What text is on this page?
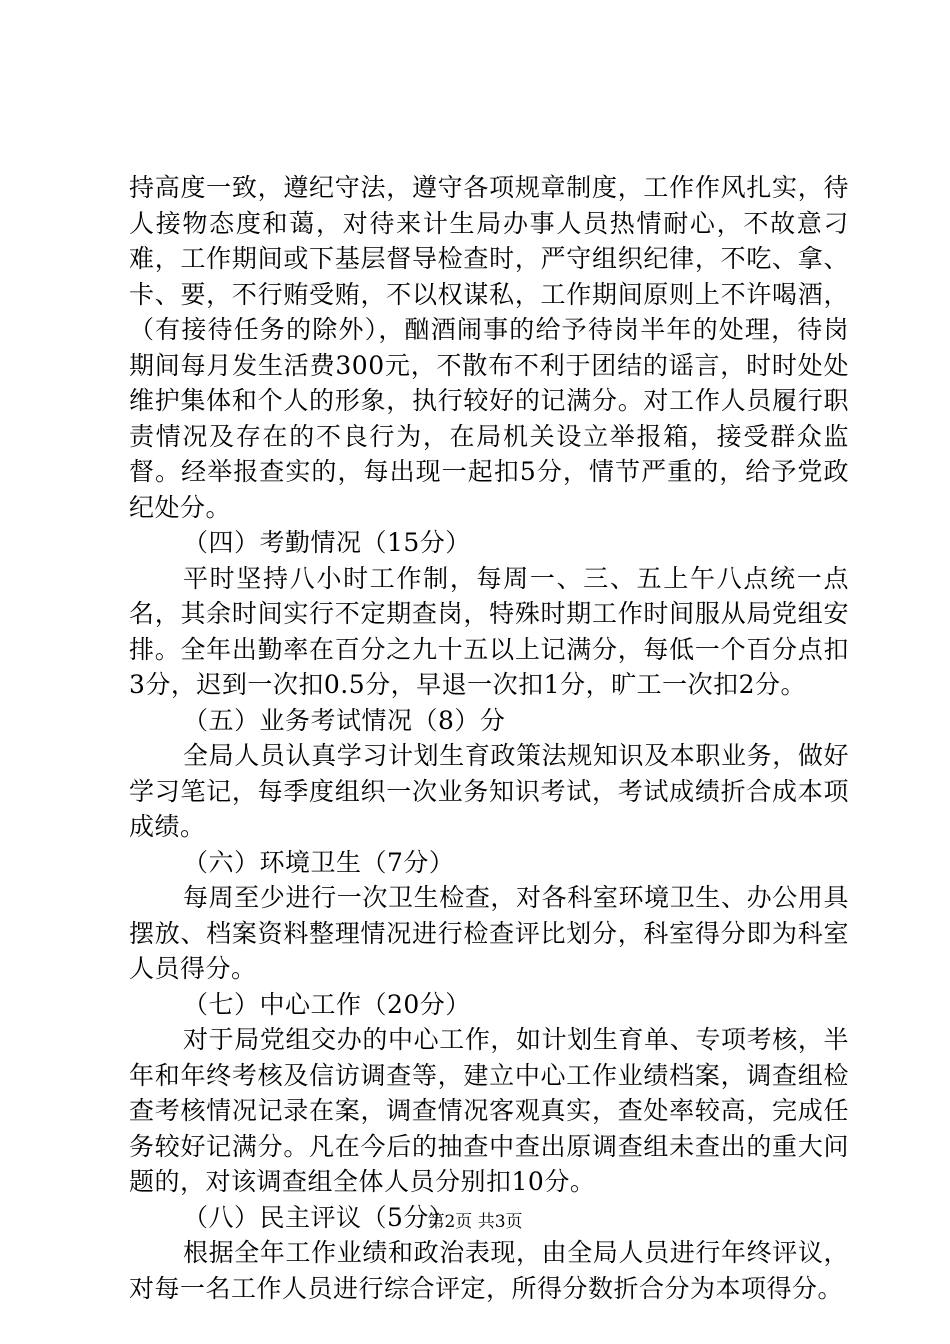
持高度一致，遵纪守法，遵守各项规章制度，工作作风扎实，待人接物态度和蔼，对待来计生局办事人员热情耐心，不故意刁难，工作期间或下基层督导检查时，严守组织纪律，不吃、拿、卡、要，不行贿受贿，不以权谋私，工作期间原则上不许喝酒，（有接待任务的除外），酗酒闹事的给予待岗半年的处理，待岗期间每月发生活费300元，不散布不利于团结的谣言，时时处处维护集体和个人的形象，执行较好的记满分。对工作人员履行职责情况及存在的不良行为，在局机关设立举报箱，接受群众监督。经举报查实的，每出现一起扣5分，情节严重的，给予党政纪处分。

（四）考勤情况（15分）

平时坚持八小时工作制，每周一、三、五上午八点统一点名，其余时间实行不定期查岗，特殊时期工作时间服从局党组安排。全年出勤率在百分之九十五以上记满分，每低一个百分点扣3分，迟到一次扣0.5分，早退一次扣1分，旷工一次扣2分。

（五）业务考试情况（8）分

全局人员认真学习计划生育政策法规知识及本职业务，做好学习笔记，每季度组织一次业务知识考试，考试成绩折合成本项成绩。

（六）环境卫生（7分）

每周至少进行一次卫生检查，对各科室环境卫生、办公用具摆放、档案资料整理情况进行检查评比划分，科室得分即为科室人员得分。

（七）中心工作（20分）

对于局党组交办的中心工作，如计划生育单、专项考核，半年和年终考核及信访调查等，建立中心工作业绩档案，调查组检查考核情况记录在案，调查情况客观真实，查处率较高，完成任务较好记满分。凡在今后的抽查中查出原调查组未查出的重大问题的，对该调查组全体人员分别扣10分。

（八）民主评议（5分）

根据全年工作业绩和政治表现，由全局人员进行年终评议，对每一名工作人员进行综合评定，所得分数折合分为本项得分。

第2页 共3页
